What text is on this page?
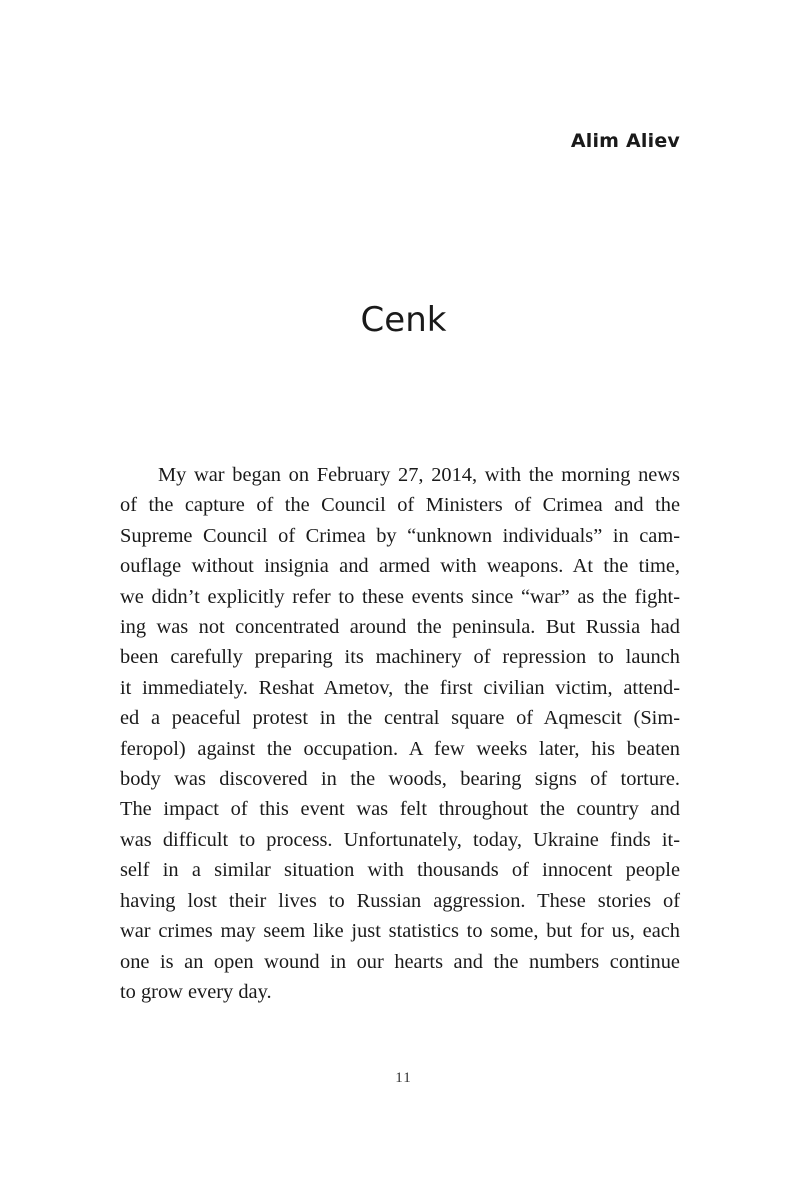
Alim Aliev
Cenk
My war began on February 27, 2014, with the morning news
of the capture of the Council of Ministers of Crimea and the
Supreme Council of Crimea by “unknown individuals” in cam-
ouflage without insignia and armed with weapons. At the time,
we didn’t explicitly refer to these events since “war” as the fight-
ing was not concentrated around the peninsula. But Russia had
been carefully preparing its machinery of repression to launch
it immediately. Reshat Ametov, the first civilian victim, attend-
ed a peaceful protest in the central square of Aqmescit (Sim-
feropol) against the occupation. A few weeks later, his beaten
body was discovered in the woods, bearing signs of torture.
The impact of this event was felt throughout the country and
was difficult to process. Unfortunately, today, Ukraine finds it-
self in a similar situation with thousands of innocent people
having lost their lives to Russian aggression. These stories of
war crimes may seem like just statistics to some, but for us, each
one is an open wound in our hearts and the numbers continue
to grow every day.
11
